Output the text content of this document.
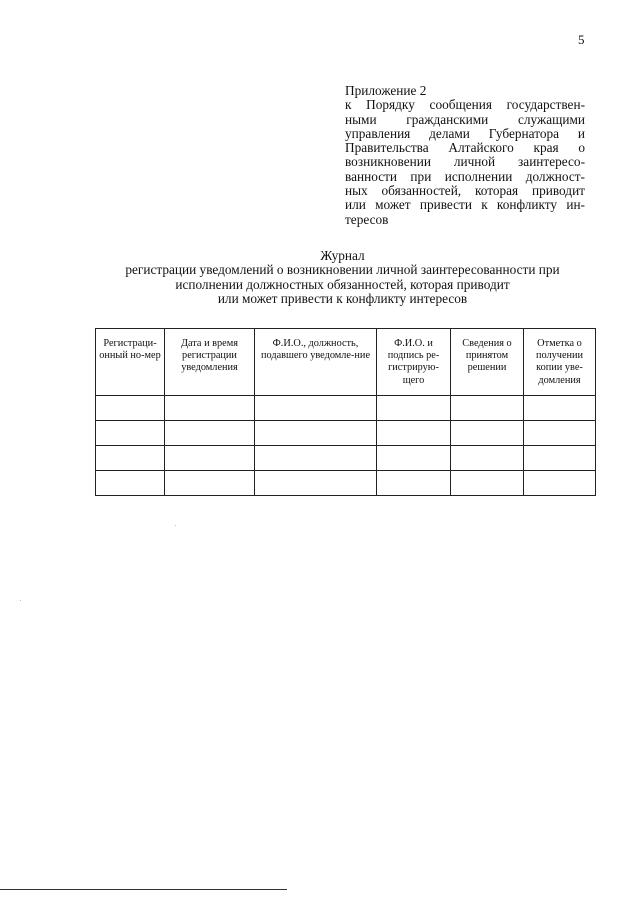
5
Приложение 2
к Порядку сообщения государствен-
ными гражданскими служащими
управления делами Губернатора и
Правительства Алтайского края о
возникновении личной заинтересо-
ванности при исполнении должност-
ных обязанностей, которая приводит
или может привести к конфликту ин-
тересов
Журнал
регистрации уведомлений о возникновении личной заинтересованности при
исполнении должностных обязанностей, которая приводит
или может привести к конфликту интересов
Регистраци-онный но-мер	Дата и время регистрации уведомления	Ф.И.О., должность, подавшего уведомле-ние	Ф.И.О. и подпись ре-гистрирую-щего	Сведения о принятом решении	Отметка о получении копии уве-домления
